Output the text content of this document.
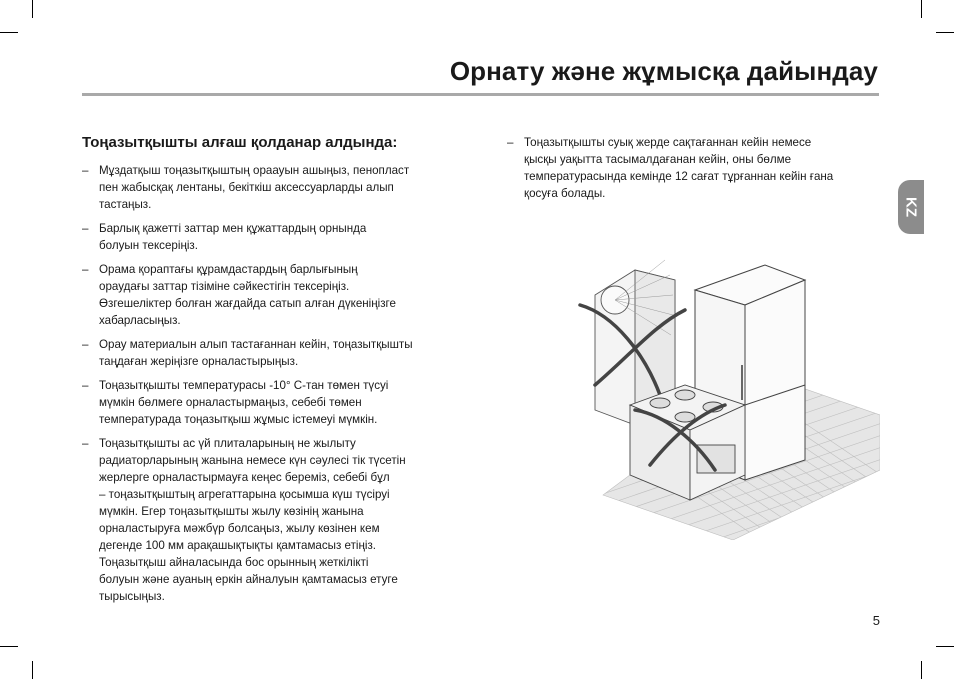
Орнату және жұмысқа дайындау
KZ
Тоңазытқышты алғаш қолданар алдында:
– Мұздатқыш тоңазытқыштың ораауын ашыңыз, пенопласт
пен жабысқақ лентаны, бекіткіш аксессуарларды алып
тастаңыз.
– Барлық қажетті заттар мен құжаттардың орнында
болуын тексеріңіз.
– Орама қораптағы құрамдастардың барлығының
ораудағы заттар тізіміне сәйкестігін тексеріңіз.
Өзгешеліктер болған жағдайда сатып алған дүкеніңізге
хабарласыңыз.
– Орау материалын алып тастағаннан кейін, тоңазытқышты
таңдаған жеріңізге орналастырыңыз.
– Тоңазытқышты температурасы -10° С-тан төмен түсуі
мүмкін бөлмеге орналастырмаңыз, себебі төмен
температурада тоңазытқыш жұмыс істемеуі мүмкін.
– Тоңазытқышты ас үй плиталарының не жылыту
радиаторларының жанына немесе күн сәулесі тік түсетін
жерлерге орналастырмауға кеңес береміз, себебі бұл
– тоңазытқыштың агрегаттарына қосымша күш түсіруі
мүмкін. Егер тоңазытқышты жылу көзінің жанына
орналастыруға мәжбүр болсаңыз, жылу көзінен кем
дегенде 100 мм арақашықтықты қамтамасыз етіңіз.
Тоңазытқыш айналасында бос орынның жеткілікті
болуын және ауаның еркін айналуын қамтамасыз етуге
тырысыңыз.
– Тоңазытқышты суық жерде сақтағаннан кейін немесе
қысқы уақытта тасымалдағанан кейін, оны бөлме
температурасында кемінде 12 сағат тұрғаннан кейін ғана
қосуға болады.
5
